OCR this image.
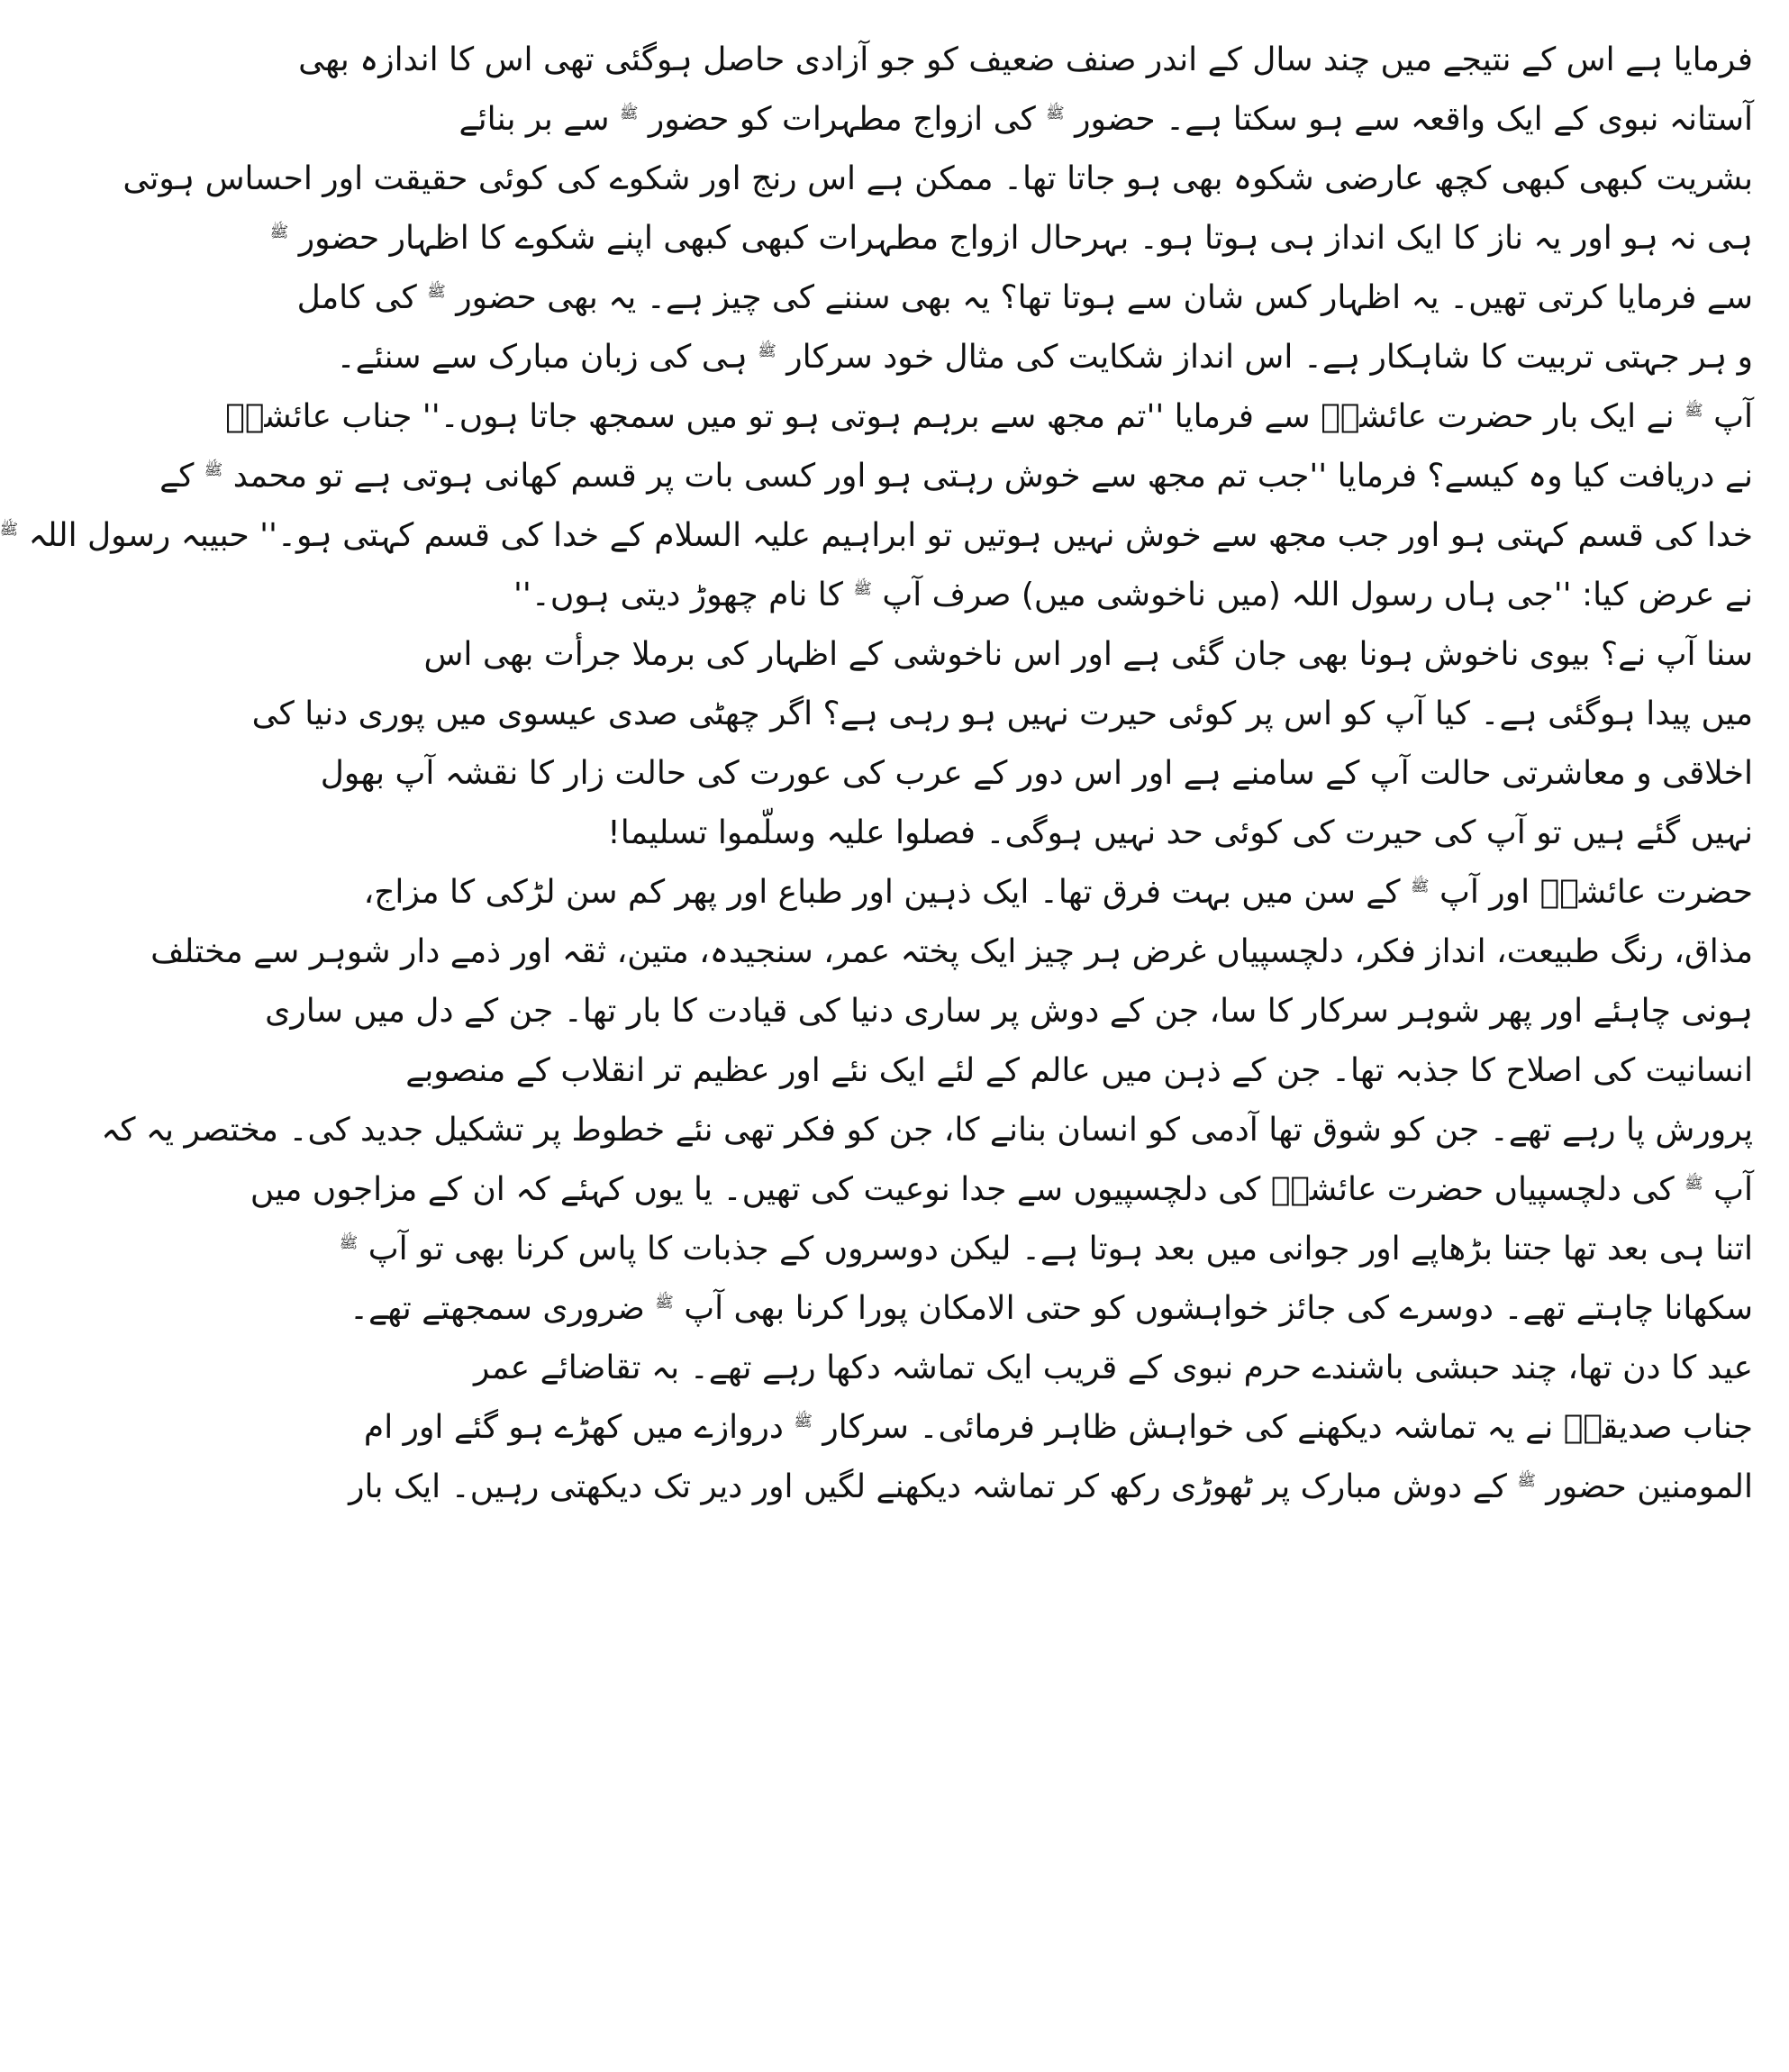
فرمایا ہے اس کے نتیجے میں چند سال کے اندر صنف ضعیف کو جو آزادی حاصل ہوگئی تھی اس کا اندازہ بھی
آستانہ نبوی کے ایک واقعہ سے ہو سکتا ہے۔ حضور ﷺ کی ازواج مطہرات کو حضور ﷺ سے بر بنائے
بشریت کبھی کبھی کچھ عارضی شکوہ بھی ہو جاتا تھا۔ ممکن ہے اس رنج اور شکوے کی کوئی حقیقت اور احساس ہوتی
ہی نہ ہو اور یہ ناز کا ایک انداز ہی ہوتا ہو۔ بہرحال ازواج مطہرات کبھی کبھی اپنے شکوے کا اظہار حضور ﷺ
سے فرمایا کرتی تھیں۔ یہ اظہار کس شان سے ہوتا تھا؟ یہ بھی سننے کی چیز ہے۔ یہ بھی حضور ﷺ کی کامل
و ہر جہتی تربیت کا شاہکار ہے۔ اس انداز شکایت کی مثال خود سرکار ﷺ ہی کی زبان مبارک سے سنئے۔
آپ ﷺ نے ایک بار حضرت عائشہؓ سے فرمایا ''تم مجھ سے برہم ہوتی ہو تو میں سمجھ جاتا ہوں۔'' جناب عائشہؓ
نے دریافت کیا وہ کیسے؟ فرمایا ''جب تم مجھ سے خوش رہتی ہو اور کسی بات پر قسم کھانی ہوتی ہے تو محمد ﷺ کے
خدا کی قسم کہتی ہو اور جب مجھ سے خوش نہیں ہوتیں تو ابراہیم علیہ السلام کے خدا کی قسم کہتی ہو۔'' حبیبہ رسول اللہ ﷺ
نے عرض کیا: ''جی ہاں رسول اللہ (میں ناخوشی میں) صرف آپ ﷺ کا نام چھوڑ دیتی ہوں۔''
سنا آپ نے؟ بیوی ناخوش ہونا بھی جان گئی ہے اور اس ناخوشی کے اظہار کی برملا جرأت بھی اس
میں پیدا ہوگئی ہے۔ کیا آپ کو اس پر کوئی حیرت نہیں ہو رہی ہے؟ اگر چھٹی صدی عیسوی میں پوری دنیا کی
اخلاقی و معاشرتی حالت آپ کے سامنے ہے اور اس دور کے عرب کی عورت کی حالت زار کا نقشہ آپ بھول
نہیں گئے ہیں تو آپ کی حیرت کی کوئی حد نہیں ہوگی۔ فصلوا علیہ وسلّموا تسلیما!
حضرت عائشہؓ اور آپ ﷺ کے سن میں بہت فرق تھا۔ ایک ذہین اور طباع اور پھر کم سن لڑکی کا مزاج،
مذاق، رنگ طبیعت، انداز فکر، دلچسپیاں غرض ہر چیز ایک پختہ عمر، سنجیدہ، متین، ثقہ اور ذمے دار شوہر سے مختلف
ہونی چاہئے اور پھر شوہر سرکار کا سا، جن کے دوش پر ساری دنیا کی قیادت کا بار تھا۔ جن کے دل میں ساری
انسانیت کی اصلاح کا جذبہ تھا۔ جن کے ذہن میں عالم کے لئے ایک نئے اور عظیم تر انقلاب کے منصوبے
پرورش پا رہے تھے۔ جن کو شوق تھا آدمی کو انسان بنانے کا، جن کو فکر تھی نئے خطوط پر تشکیل جدید کی۔ مختصر یہ کہ
آپ ﷺ کی دلچسپیاں حضرت عائشہؓ کی دلچسپیوں سے جدا نوعیت کی تھیں۔ یا یوں کہئے کہ ان کے مزاجوں میں
اتنا ہی بعد تھا جتنا بڑھاپے اور جوانی میں بعد ہوتا ہے۔ لیکن دوسروں کے جذبات کا پاس کرنا بھی تو آپ ﷺ
سکھانا چاہتے تھے۔ دوسرے کی جائز خواہشوں کو حتی الامکان پورا کرنا بھی آپ ﷺ ضروری سمجھتے تھے۔
عید کا دن تھا، چند حبشی باشندے حرم نبوی کے قریب ایک تماشہ دکھا رہے تھے۔ بہ تقاضائے عمر
جناب صدیقہؓ نے یہ تماشہ دیکھنے کی خواہش ظاہر فرمائی۔ سرکار ﷺ دروازے میں کھڑے ہو گئے اور ام
المومنین حضور ﷺ کے دوش مبارک پر ٹھوڑی رکھ کر تماشہ دیکھنے لگیں اور دیر تک دیکھتی رہیں۔ ایک بار
